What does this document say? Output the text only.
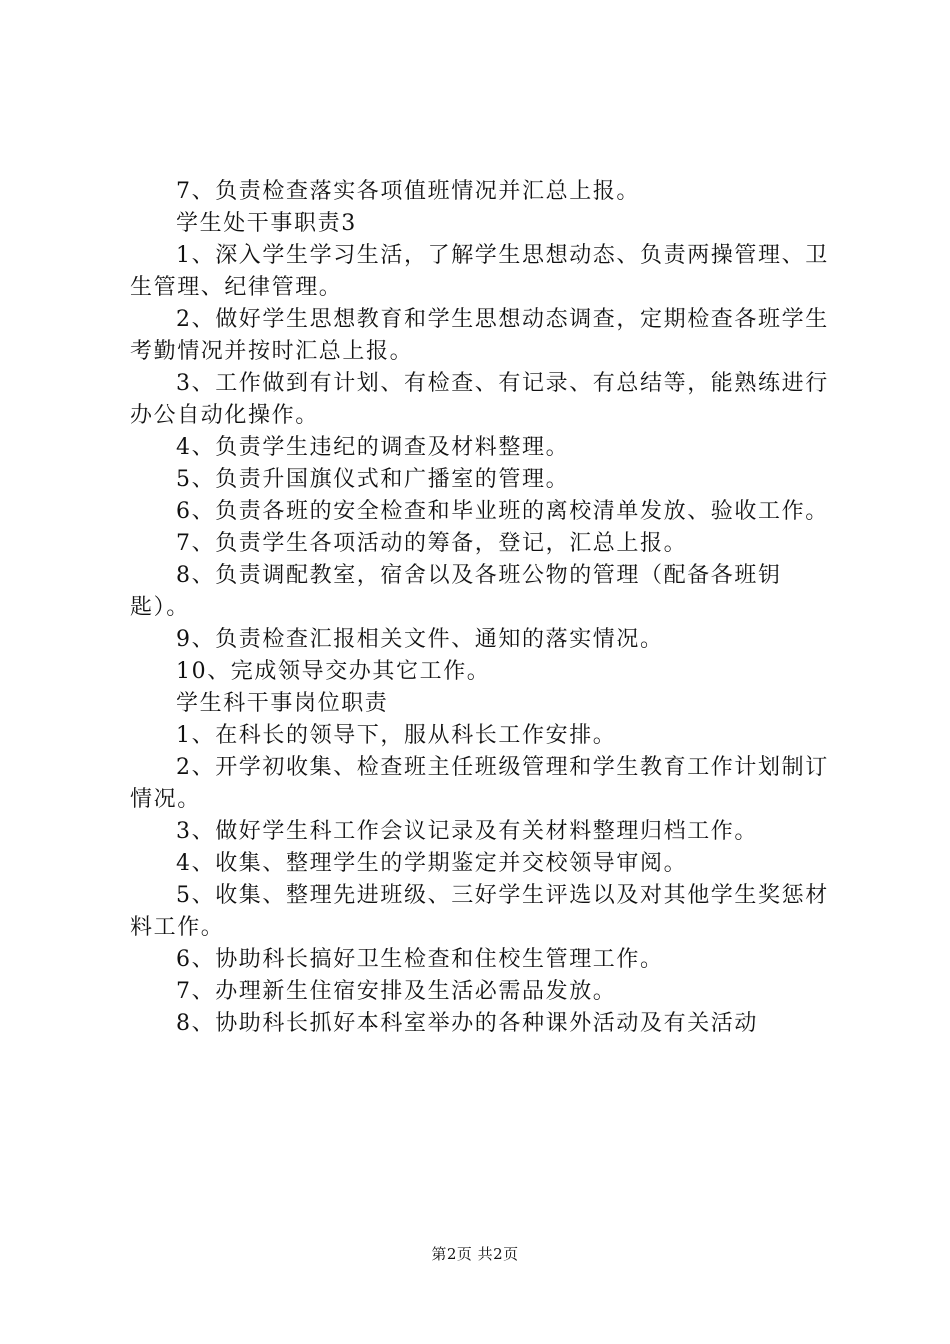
7、负责检查落实各项值班情况并汇总上报。

学生处干事职责3

1、深入学生学习生活，了解学生思想动态、负责两操管理、卫生管理、纪律管理。

2、做好学生思想教育和学生思想动态调查，定期检查各班学生考勤情况并按时汇总上报。

3、工作做到有计划、有检查、有记录、有总结等，能熟练进行办公自动化操作。

4、负责学生违纪的调查及材料整理。

5、负责升国旗仪式和广播室的管理。

6、负责各班的安全检查和毕业班的离校清单发放、验收工作。

7、负责学生各项活动的筹备，登记，汇总上报。

8、负责调配教室，宿舍以及各班公物的管理（配备各班钥匙）。

9、负责检查汇报相关文件、通知的落实情况。

10、完成领导交办其它工作。

学生科干事岗位职责

1、在科长的领导下，服从科长工作安排。

2、开学初收集、检查班主任班级管理和学生教育工作计划制订情况。

3、做好学生科工作会议记录及有关材料整理归档工作。

4、收集、整理学生的学期鉴定并交校领导审阅。

5、收集、整理先进班级、三好学生评选以及对其他学生奖惩材料工作。

6、协助科长搞好卫生检查和住校生管理工作。

7、办理新生住宿安排及生活必需品发放。

8、协助科长抓好本科室举办的各种课外活动及有关活动

第2页 共2页
